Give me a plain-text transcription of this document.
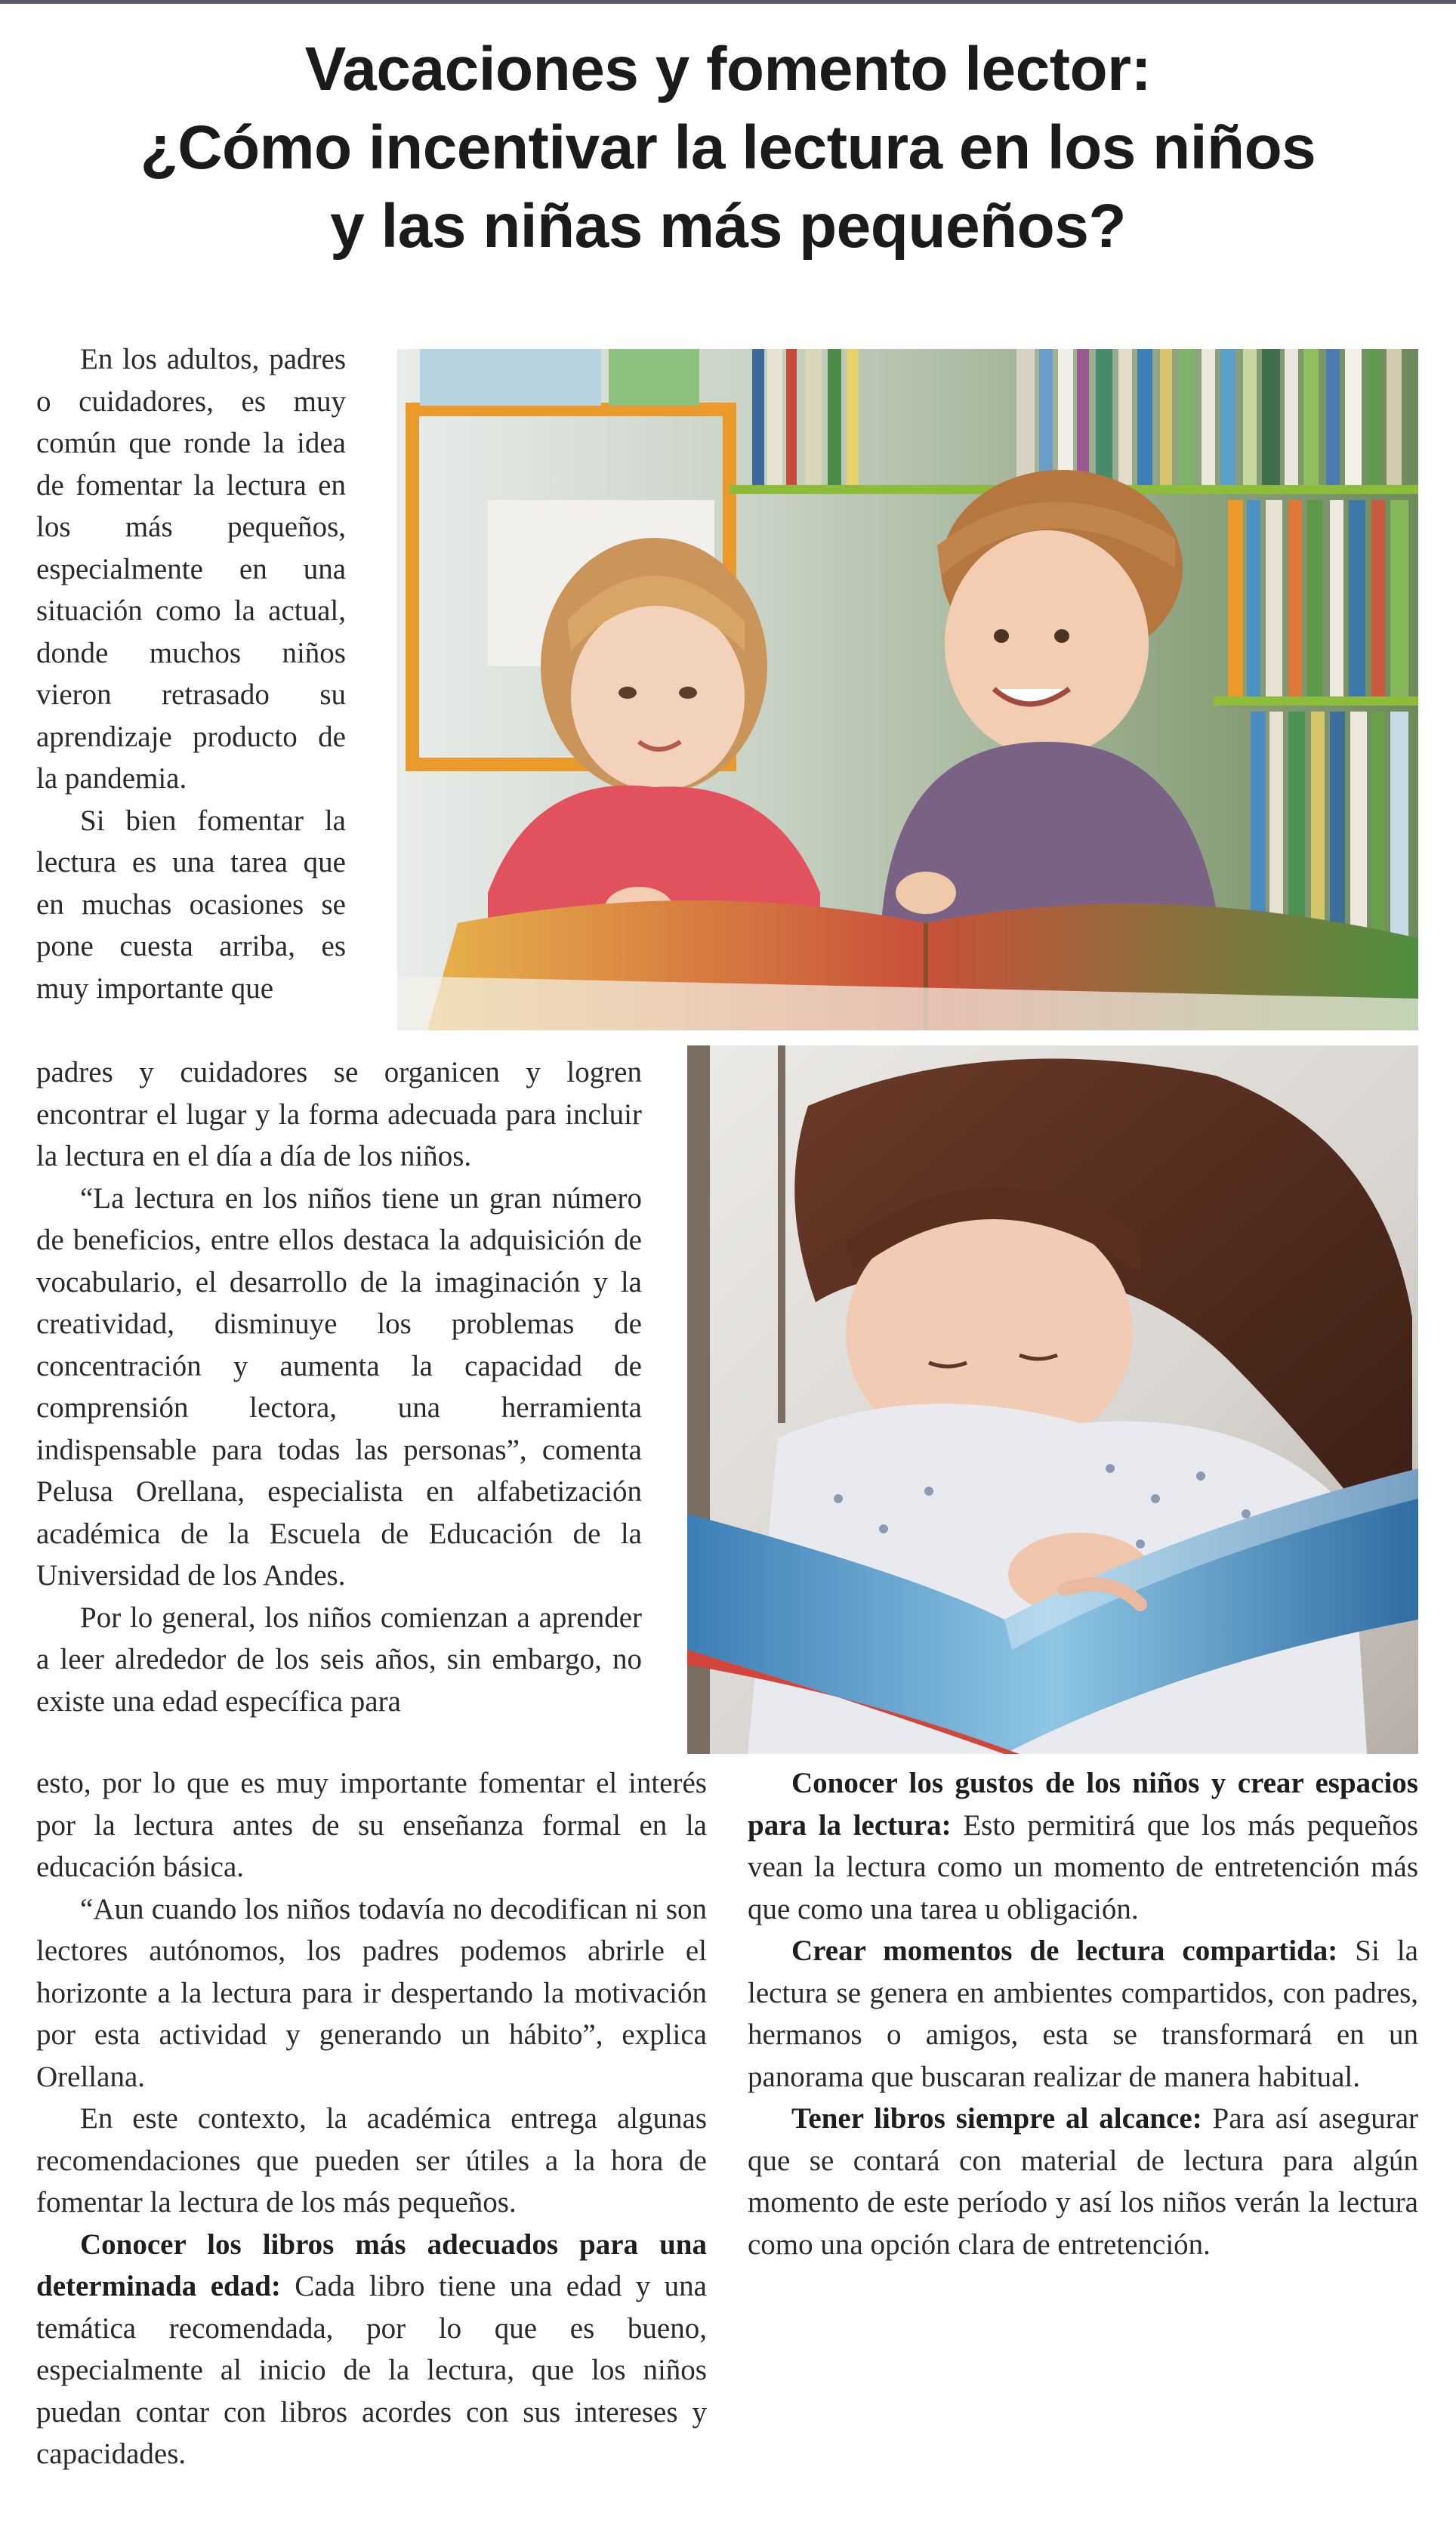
Vacaciones y fomento lector:
¿Cómo incentivar la lectura en los niños
y las niñas más pequeños?

En los adultos, padres o cuidadores, es muy común que ronde la idea de fomentar la lectura en los más pequeños, especialmente en una situación como la actual, donde muchos niños vieron retrasado su aprendizaje producto de la pandemia.

Si bien fomentar la lectura es una tarea que en muchas ocasiones se pone cuesta arriba, es muy importante que

padres y cuidadores se organicen y logren encontrar el lugar y la forma adecuada para incluir la lectura en el día a día de los niños.

“La lectura en los niños tiene un gran número de beneficios, entre ellos destaca la adquisición de vocabulario, el desarrollo de la imaginación y la creatividad, disminuye los problemas de concentración y aumenta la capacidad de comprensión lectora, una herramienta indispensable para todas las personas”, comenta Pelusa Orellana, especialista en alfabetización académica de la Escuela de Educación de la Universidad de los Andes.

Por lo general, los niños comienzan a aprender a leer alrededor de los seis años, sin embargo, no existe una edad específica para

esto, por lo que es muy importante fomentar el interés por la lectura antes de su enseñanza formal en la educación básica.

“Aun cuando los niños todavía no decodifican ni son lectores autónomos, los padres podemos abrirle el horizonte a la lectura para ir despertando la motivación por esta actividad y generando un hábito”, explica Orellana.

En este contexto, la académica entrega algunas recomendaciones que pueden ser útiles a la hora de fomentar la lectura de los más pequeños.

Conocer los libros más adecuados para una determinada edad: Cada libro tiene una edad y una temática recomendada, por lo que es bueno, especialmente al inicio de la lectura, que los niños puedan contar con libros acordes con sus intereses y capacidades.

Conocer los gustos de los niños y crear espacios para la lectura: Esto permitirá que los más pequeños vean la lectura como un momento de entretención más que como una tarea u obligación.

Crear momentos de lectura compartida: Si la lectura se genera en ambientes compartidos, con padres, hermanos o amigos, esta se transformará en un panorama que buscaran realizar de manera habitual.

Tener libros siempre al alcance: Para así asegurar que se contará con material de lectura para algún momento de este período y así los niños verán la lectura como una opción clara de entretención.
